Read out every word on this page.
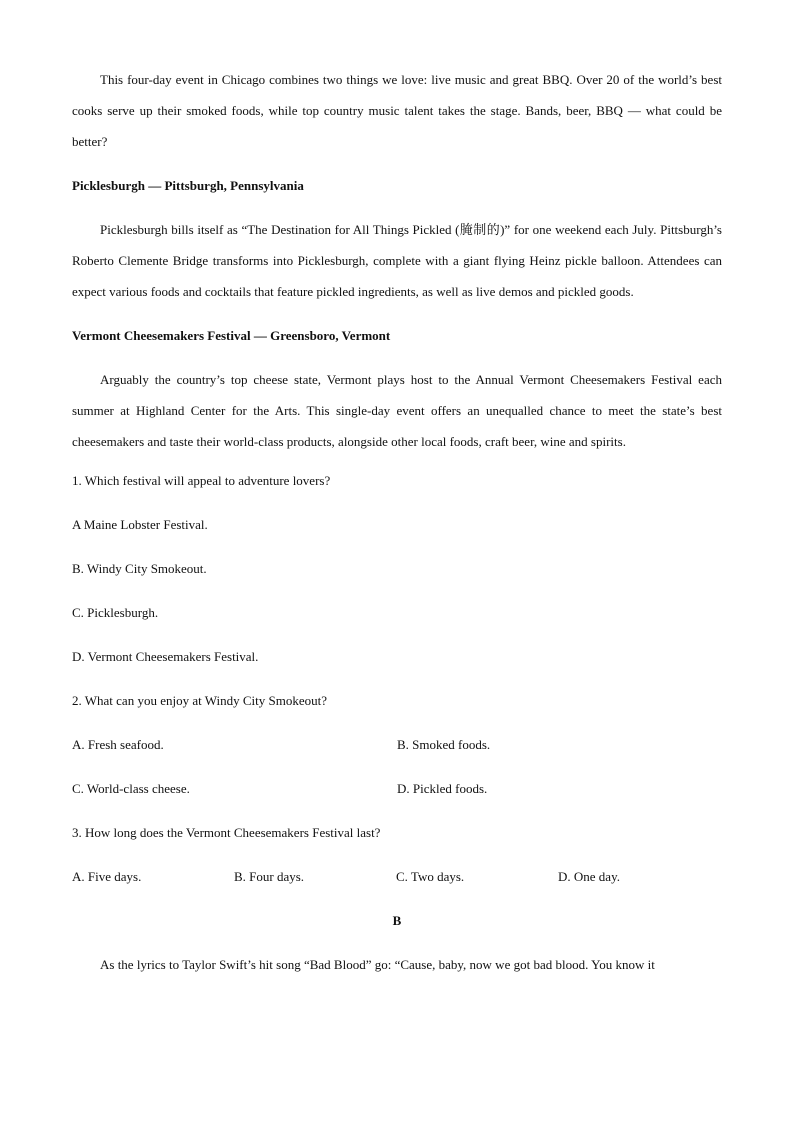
This four-day event in Chicago combines two things we love: live music and great BBQ. Over 20 of the world’s best cooks serve up their smoked foods, while top country music talent takes the stage. Bands, beer, BBQ — what could be better?

Picklesburgh — Pittsburgh, Pennsylvania

Picklesburgh bills itself as “The Destination for All Things Pickled (腌制的)” for one weekend each July. Pittsburgh’s Roberto Clemente Bridge transforms into Picklesburgh, complete with a giant flying Heinz pickle balloon. Attendees can expect various foods and cocktails that feature pickled ingredients, as well as live demos and pickled goods.

Vermont Cheesemakers Festival — Greensboro, Vermont

Arguably the country’s top cheese state, Vermont plays host to the Annual Vermont Cheesemakers Festival each summer at Highland Center for the Arts. This single-day event offers an unequalled chance to meet the state’s best cheesemakers and taste their world-class products, alongside other local foods, craft beer, wine and spirits.

1. Which festival will appeal to adventure lovers?

A Maine Lobster Festival.

B. Windy City Smokeout.

C. Picklesburgh.

D. Vermont Cheesemakers Festival.

2. What can you enjoy at Windy City Smokeout?

A. Fresh seafood.	B. Smoked foods.
C. World-class cheese.	D. Pickled foods.

3. How long does the Vermont Cheesemakers Festival last?

A. Five days.	B. Four days.	C. Two days.	D. One day.
B

As the lyrics to Taylor Swift’s hit song “Bad Blood” go: “Cause, baby, now we got bad blood. You know it
